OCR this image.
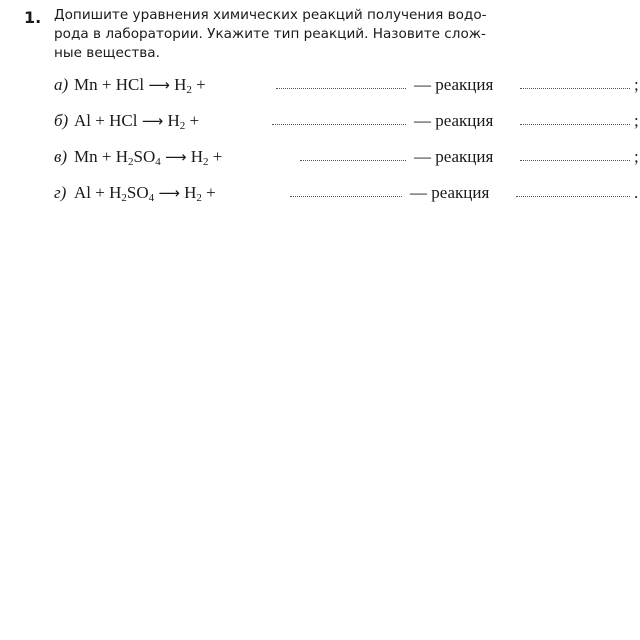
1. Допишите уравнения химических реакций получения водо-
рода в лаборатории. Укажите тип реакций. Назовите слож-
ные вещества.
а) Mn + HCl ⟶ $H_2$ +	— реакция	;
б) Al + HCl ⟶ $H_2$ +	— реакция	;
в) $Mn + H_2SO_4$ ⟶ $H_2$ +	— реакция	;
г) $Al + H_2SO_4$ ⟶ $H_2$ +	— реакция	.
